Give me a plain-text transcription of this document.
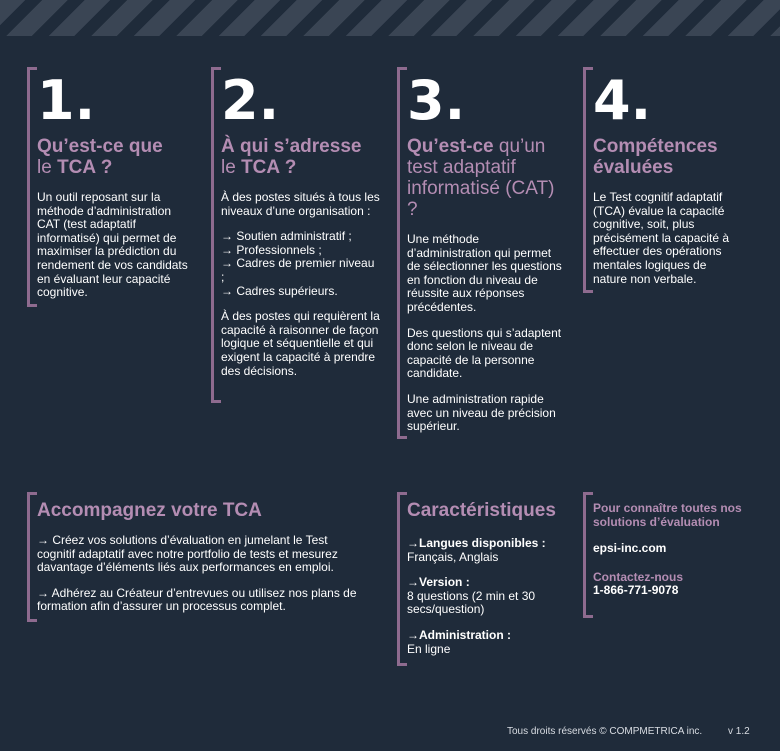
1.
Qu’est-ce que
le TCA ?

Un outil reposant sur la méthode d’administration CAT (test adaptatif informatisé) qui permet de maximiser la prédiction du rendement de vos candidats en évaluant leur capacité cognitive.

2.
À qui s’adresse
le TCA ?

À des postes situés à tous les niveaux d’une organisation :

→ Soutien administratif ;
→ Professionnels ;
→ Cadres de premier niveau ;
→ Cadres supérieurs.

À des postes qui requièrent la capacité à raisonner de façon logique et séquentielle et qui exigent la capacité à prendre des décisions.

3.
Qu’est-ce qu’un test adaptatif informatisé (CAT) ?

Une méthode d’administration qui permet de sélectionner les questions en fonction du niveau de réussite aux réponses précédentes.

Des questions qui s’adaptent donc selon le niveau de capacité de la personne candidate.

Une administration rapide avec un niveau de précision supérieur.

4.
Compétences évaluées

Le Test cognitif adaptatif (TCA) évalue la capacité cognitive, soit, plus précisément la capacité à effectuer des opérations mentales logiques de nature non verbale.

Accompagnez votre TCA

→ Créez vos solutions d’évaluation en jumelant le Test cognitif adaptatif avec notre portfolio de tests et mesurez davantage d’éléments liés aux performances en emploi.

→ Adhérez au Créateur d’entrevues ou utilisez nos plans de formation afin d’assurer un processus complet.

Caractéristiques

→Langues disponibles :
Français, Anglais

→Version :
8 questions (2 min et 30 secs/question)

→Administration :
En ligne

Pour connaître toutes nos solutions d’évaluation
epsi-inc.com
Contactez-nous
1-866-771-9078
Tous droits réservés © COMPMETRICA inc.	v 1.2
